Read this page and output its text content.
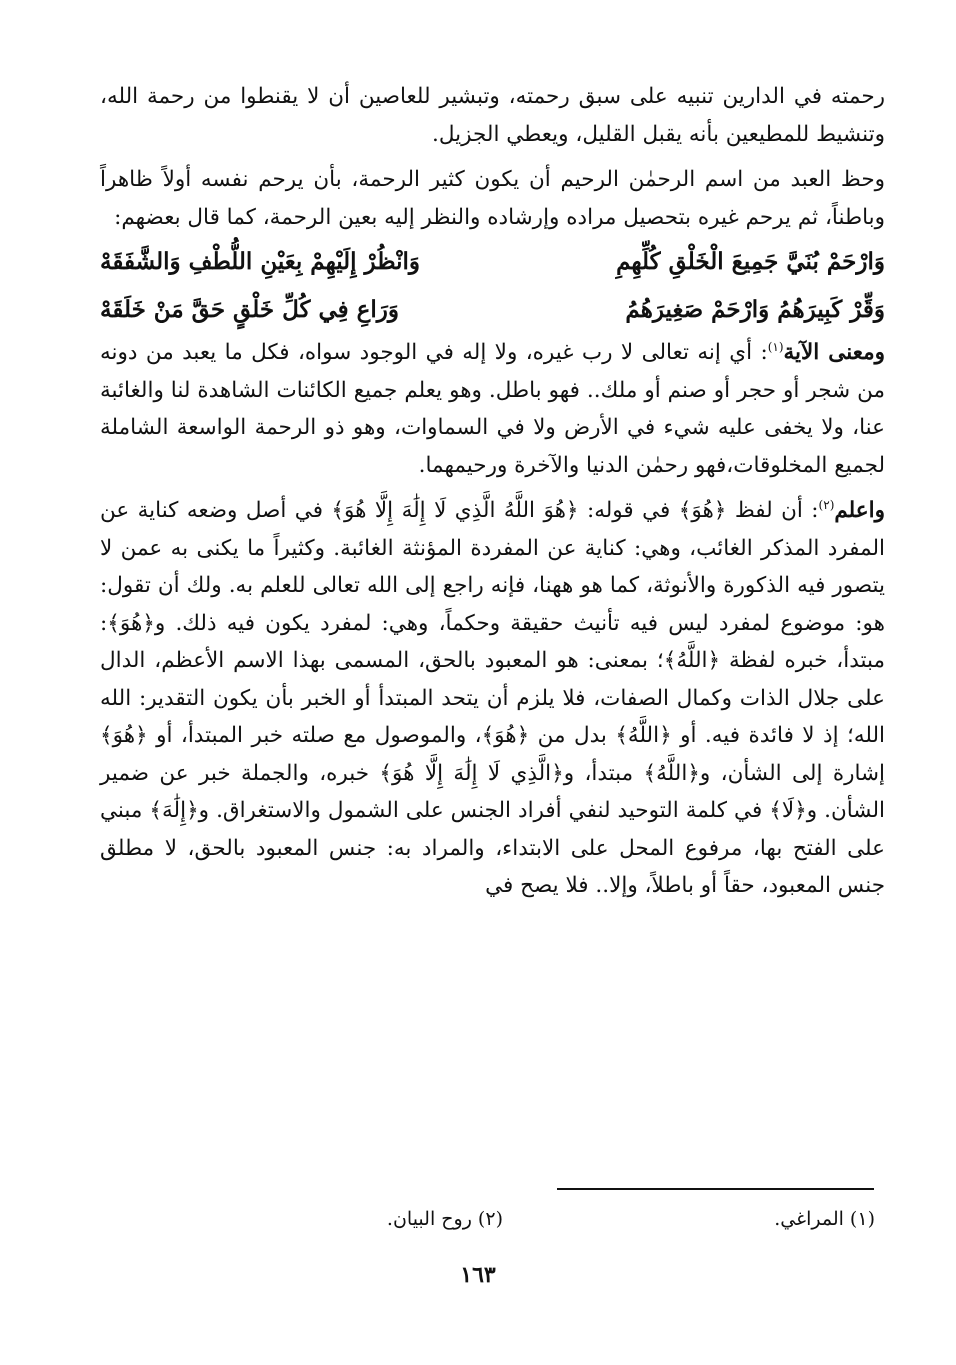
رحمته في الدارين تنبيه على سبق رحمته، وتبشير للعاصين أن لا يقنطوا من رحمة الله، وتنشيط للمطيعين بأنه يقبل القليل، ويعطي الجزيل.

وحظ العبد من اسم الرحمٰن الرحيم أن يكون كثير الرحمة، بأن يرحم نفسه أولاً ظاهراً وباطناً، ثم يرحم غيره بتحصيل مراده وإرشاده والنظر إليه بعين الرحمة، كما قال بعضهم:

وَارْحَمْ بُنَيَّ جَمِيعَ الْخَلْقِ كُلِّهِمِ
وَانْظُرْ إِلَيْهِمْ بِعَيْنِ اللُّطْفِ وَالشَّفَقَهْ
وَقِّرْ كَبِيرَهُمُ وَارْحَمْ صَغِيرَهُمُ
وَرَاعِ فِي كُلِّ خَلْقٍ حَقَّ مَنْ خَلَقَهْ

ومعنى الآية$^{(١)}$: أي إنه تعالى لا رب غيره، ولا إله في الوجود سواه، فكل ما يعبد من دونه من شجر أو حجر أو صنم أو ملك.. فهو باطل. وهو يعلم جميع الكائنات الشاهدة لنا والغائبة عنا، ولا يخفى عليه شيء في الأرض ولا في السماوات، وهو ذو الرحمة الواسعة الشاملة لجميع المخلوقات،فهو رحمٰن الدنيا والآخرة ورحيمهما.

واعلم$^{(٢)}$: أن لفظ ﴿هُوَ﴾ في قوله: ﴿هُوَ اللَّهُ الَّذِي لَا إِلَٰهَ إِلَّا هُوَ﴾ في أصل وضعه كناية عن المفرد المذكر الغائب، وهي: كناية عن المفردة المؤنثة الغائبة. وكثيراً ما يكنى به عمن لا يتصور فيه الذكورة والأنوثة، كما هو ههنا، فإنه راجع إلى الله تعالى للعلم به. ولك أن تقول: هو: موضوع لمفرد ليس فيه تأنيث حقيقة وحكماً، وهي: لمفرد يكون فيه ذلك. و﴿هُوَ﴾: مبتدأ، خبره لفظة ﴿اللَّهُ﴾؛ بمعنى: هو المعبود بالحق، المسمى بهذا الاسم الأعظم، الدال على جلال الذات وكمال الصفات، فلا يلزم أن يتحد المبتدأ أو الخبر بأن يكون التقدير: الله الله؛ إذ لا فائدة فيه. أو ﴿اللَّهُ﴾ بدل من ﴿هُوَ﴾، والموصول مع صلته خبر المبتدأ، أو ﴿هُوَ﴾ إشارة إلى الشأن، و﴿اللَّهُ﴾ مبتدأ، و﴿الَّذِي لَا إِلَٰهَ إِلَّا هُوَ﴾ خبره، والجملة خبر عن ضمير الشأن. و﴿لَا﴾ في كلمة التوحيد لنفي أفراد الجنس على الشمول والاستغراق. و﴿إِلَٰهَ﴾ مبني على الفتح بها، مرفوع المحل على الابتداء، والمراد به: جنس المعبود بالحق، لا مطلق جنس المعبود، حقاً أو باطلاً، وإلا.. فلا يصح في

(١) المراغي.
(٢) روح البيان.
١٦٣
